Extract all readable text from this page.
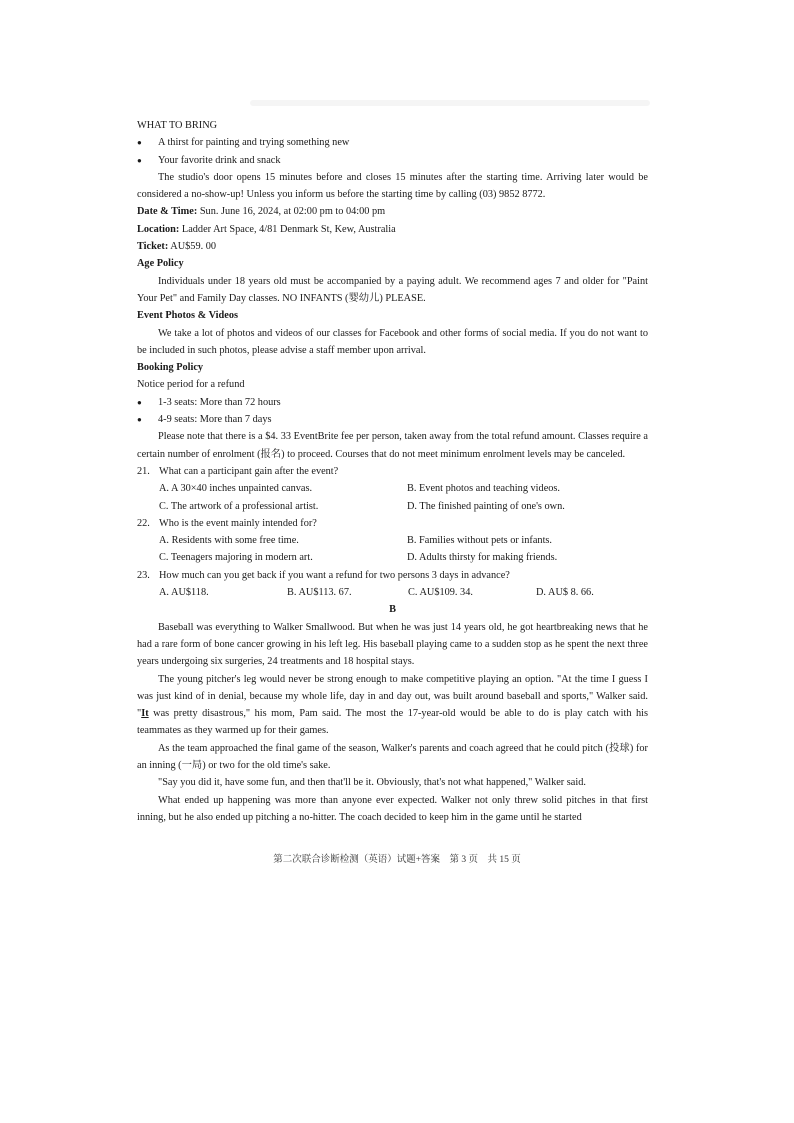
WHAT TO BRING
● A thirst for painting and trying something new
● Your favorite drink and snack
The studio's door opens 15 minutes before and closes 15 minutes after the starting time. Arriving later would be considered a no-show-up! Unless you inform us before the starting time by calling (03) 9852 8772.
Date & Time: Sun. June 16, 2024, at 02:00 pm to 04:00 pm
Location: Ladder Art Space, 4/81 Denmark St, Kew, Australia
Ticket: AU$59. 00
Age Policy
Individuals under 18 years old must be accompanied by a paying adult. We recommend ages 7 and older for "Paint Your Pet" and Family Day classes. NO INFANTS (婴幼儿) PLEASE.
Event Photos & Videos
We take a lot of photos and videos of our classes for Facebook and other forms of social media. If you do not want to be included in such photos, please advise a staff member upon arrival.
Booking Policy
Notice period for a refund
● 1-3 seats: More than 72 hours
● 4-9 seats: More than 7 days
Please note that there is a $4. 33 EventBrite fee per person, taken away from the total refund amount. Classes require a certain number of enrolment (报名) to proceed. Courses that do not meet minimum enrolment levels may be canceled.
21. What can a participant gain after the event?
A. A 30×40 inches unpainted canvas.	B. Event photos and teaching videos.
C. The artwork of a professional artist.	D. The finished painting of one's own.
22. Who is the event mainly intended for?
A. Residents with some free time.	B. Families without pets or infants.
C. Teenagers majoring in modern art.	D. Adults thirsty for making friends.
23. How much can you get back if you want a refund for two persons 3 days in advance?
A. AU$118.	B. AU$113. 67.	C. AU$109. 34.	D. AU$ 8. 66.
B
Baseball was everything to Walker Smallwood. But when he was just 14 years old, he got heartbreaking news that he had a rare form of bone cancer growing in his left leg. His baseball playing came to a sudden stop as he spent the next three years undergoing six surgeries, 24 treatments and 18 hospital stays.
The young pitcher's leg would never be strong enough to make competitive playing an option. "At the time I guess I was just kind of in denial, because my whole life, day in and day out, was built around baseball and sports," Walker said. "It was pretty disastrous," his mom, Pam said. The most the 17-year-old would be able to do is play catch with his teammates as they warmed up for their games.
As the team approached the final game of the season, Walker's parents and coach agreed that he could pitch (投球) for an inning (一局) or two for the old time's sake.
"Say you did it, have some fun, and then that'll be it. Obviously, that's not what happened," Walker said.
What ended up happening was more than anyone ever expected. Walker not only threw solid pitches in that first inning, but he also ended up pitching a no-hitter. The coach decided to keep him in the game until he started
第二次联合诊断检测（英语）试题+答案　第 3 页　共 15 页
